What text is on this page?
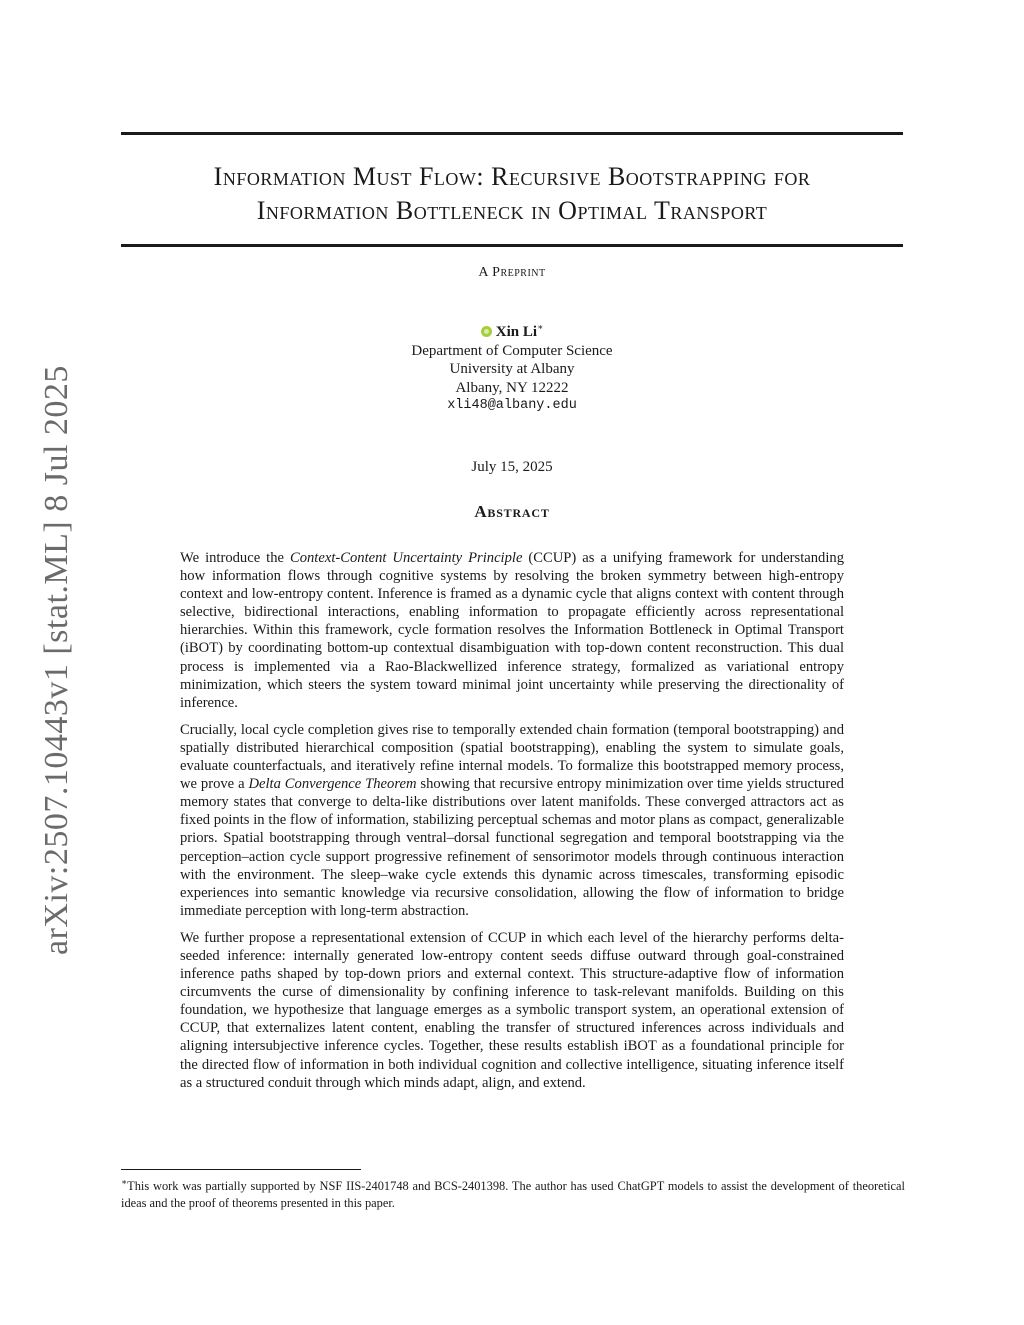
Information Must Flow: Recursive Bootstrapping for
Information Bottleneck in Optimal Transport
A Preprint
Xin Li∗
Department of Computer Science
University at Albany
Albany, NY 12222
xli48@albany.edu
July 15, 2025
Abstract

We introduce the Context-Content Uncertainty Principle (CCUP) as a unifying framework for understanding how information flows through cognitive systems by resolving the broken symmetry between high-entropy context and low-entropy content. Inference is framed as a dynamic cycle that aligns context with content through selective, bidirectional interactions, enabling information to propagate efficiently across representational hierarchies. Within this framework, cycle formation resolves the Information Bottleneck in Optimal Transport (iBOT) by coordinating bottom-up contextual disambiguation with top-down content reconstruction. This dual process is implemented via a Rao-Blackwellized inference strategy, formalized as variational entropy minimization, which steers the system toward minimal joint uncertainty while preserving the directionality of inference.

Crucially, local cycle completion gives rise to temporally extended chain formation (temporal bootstrapping) and spatially distributed hierarchical composition (spatial bootstrapping), enabling the system to simulate goals, evaluate counterfactuals, and iteratively refine internal models. To formalize this bootstrapped memory process, we prove a Delta Convergence Theorem showing that recursive entropy minimization over time yields structured memory states that converge to delta-like distributions over latent manifolds. These converged attractors act as fixed points in the flow of information, stabilizing perceptual schemas and motor plans as compact, generalizable priors. Spatial bootstrapping through ventral–dorsal functional segregation and temporal bootstrapping via the perception–action cycle support progressive refinement of sensorimotor models through continuous interaction with the environment. The sleep–wake cycle extends this dynamic across timescales, transforming episodic experiences into semantic knowledge via recursive consolidation, allowing the flow of information to bridge immediate perception with long-term abstraction.

We further propose a representational extension of CCUP in which each level of the hierarchy performs delta-seeded inference: internally generated low-entropy content seeds diffuse outward through goal-constrained inference paths shaped by top-down priors and external context. This structure-adaptive flow of information circumvents the curse of dimensionality by confining inference to task-relevant manifolds. Building on this foundation, we hypothesize that language emerges as a symbolic transport system, an operational extension of CCUP, that externalizes latent content, enabling the transfer of structured inferences across individuals and aligning intersubjective inference cycles. Together, these results establish iBOT as a foundational principle for the directed flow of information in both individual cognition and collective intelligence, situating inference itself as a structured conduit through which minds adapt, align, and extend.

arXiv:2507.10443v1 [stat.ML] 8 Jul 2025
∗This work was partially supported by NSF IIS-2401748 and BCS-2401398. The author has used ChatGPT models to assist the development of theoretical ideas and the proof of theorems presented in this paper.
